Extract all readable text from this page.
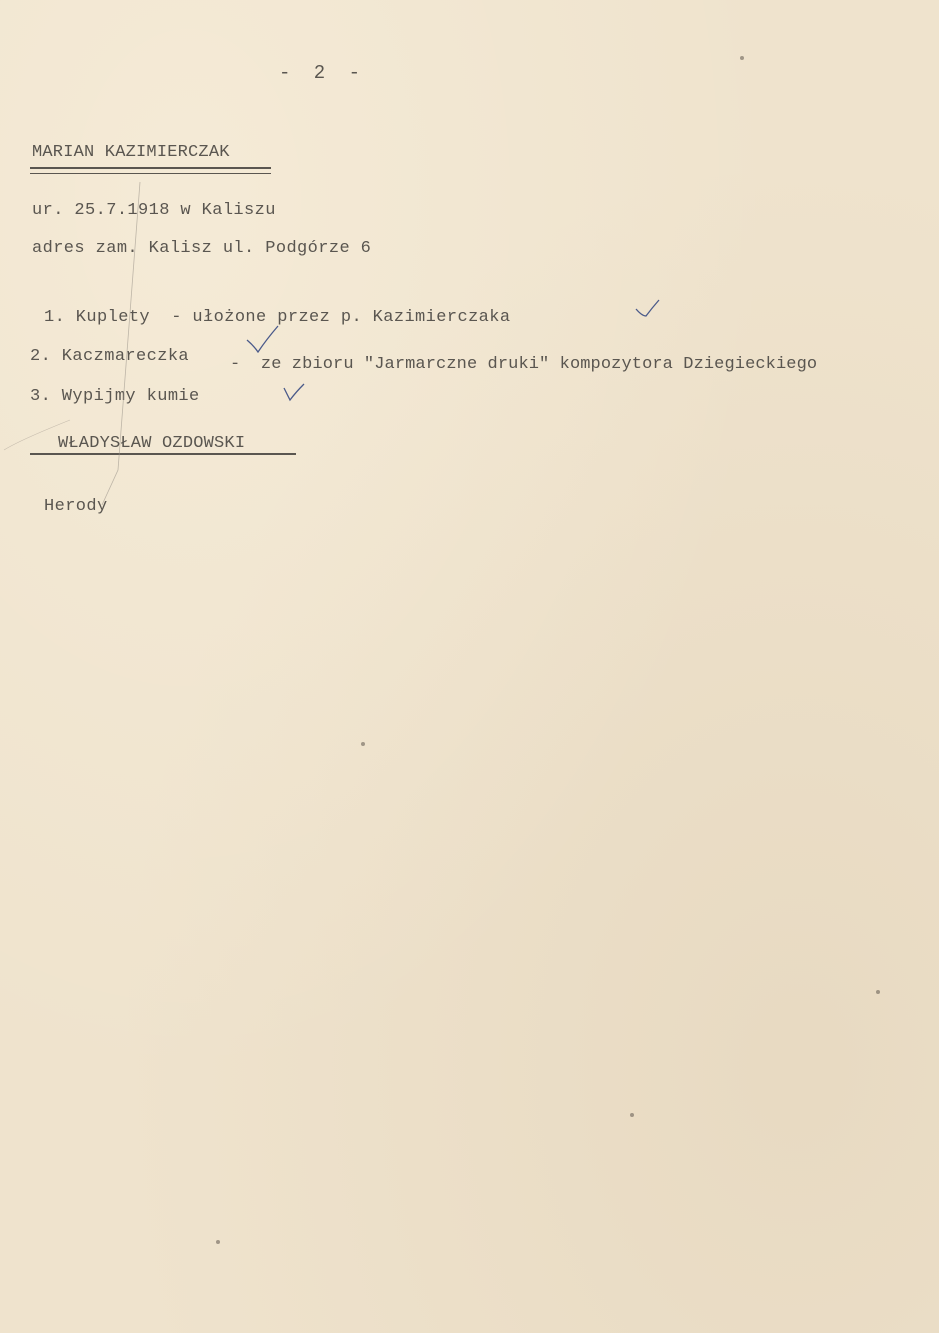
- 2 -
MARIAN KAZIMIERCZAK
ur. 25.7.1918 w Kaliszu
adres zam. Kalisz ul. Podgórze 6
1. Kuplety  - ułożone przez p. Kazimierczaka
2. Kaczmareczka -  ze zbioru "Jarmarczne druki" kompozytora Dziegieckiego
3. Wypijmy kumie
WŁADYSŁAW OZDOWSKI
Herody
